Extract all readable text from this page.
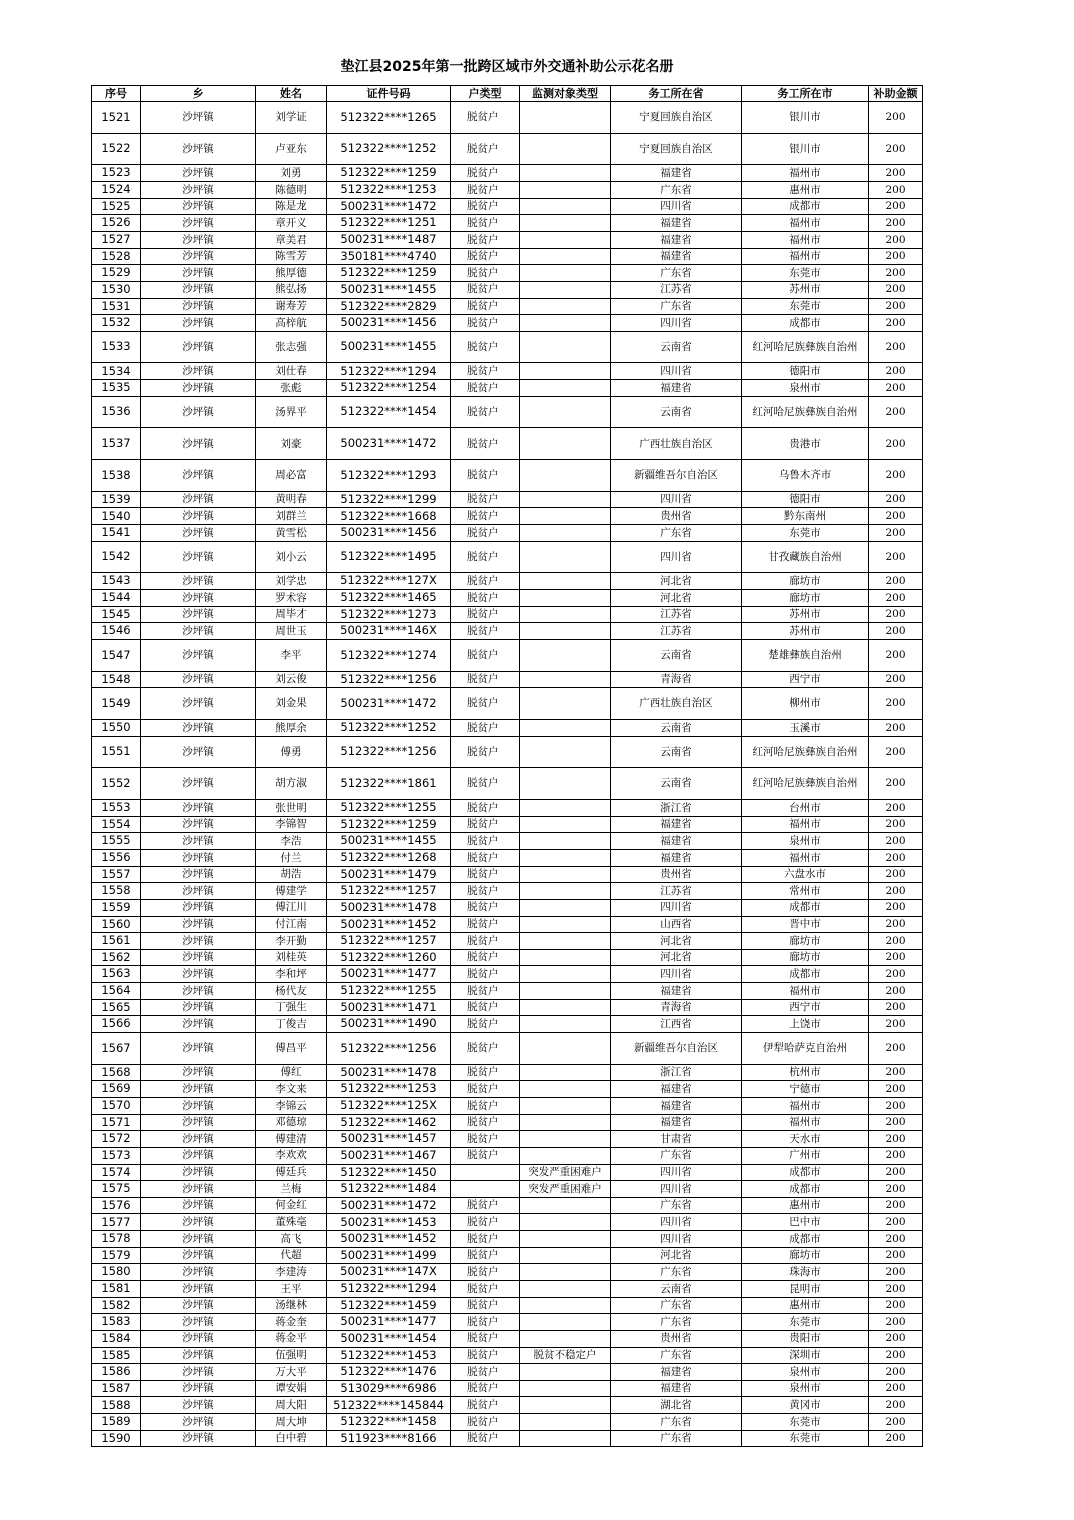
垫江县2025年第一批跨区域市外交通补助公示花名册
序号	乡	姓名	证件号码	户类型	监测对象类型	务工所在省	务工所在市	补助金额
1521	沙坪镇	刘学证	512322****1265	脱贫户		宁夏回族自治区	银川市	200
1522	沙坪镇	卢亚东	512322****1252	脱贫户		宁夏回族自治区	银川市	200
1523	沙坪镇	刘勇	512322****1259	脱贫户		福建省	福州市	200
1524	沙坪镇	陈德明	512322****1253	脱贫户		广东省	惠州市	200
1525	沙坪镇	陈是龙	500231****1472	脱贫户		四川省	成都市	200
1526	沙坪镇	章开义	512322****1251	脱贫户		福建省	福州市	200
1527	沙坪镇	章美君	500231****1487	脱贫户		福建省	福州市	200
1528	沙坪镇	陈雪芳	350181****4740	脱贫户		福建省	福州市	200
1529	沙坪镇	熊厚德	512322****1259	脱贫户		广东省	东莞市	200
1530	沙坪镇	熊弘扬	500231****1455	脱贫户		江苏省	苏州市	200
1531	沙坪镇	谢寿芳	512322****2829	脱贫户		广东省	东莞市	200
1532	沙坪镇	高梓航	500231****1456	脱贫户		四川省	成都市	200
1533	沙坪镇	张志强	500231****1455	脱贫户		云南省	红河哈尼族彝族自治州	200
1534	沙坪镇	刘仕春	512322****1294	脱贫户		四川省	德阳市	200
1535	沙坪镇	张彪	512322****1254	脱贫户		福建省	泉州市	200
1536	沙坪镇	汤界平	512322****1454	脱贫户		云南省	红河哈尼族彝族自治州	200
1537	沙坪镇	刘豪	500231****1472	脱贫户		广西壮族自治区	贵港市	200
1538	沙坪镇	周必富	512322****1293	脱贫户		新疆维吾尔自治区	乌鲁木齐市	200
1539	沙坪镇	黄明春	512322****1299	脱贫户		四川省	德阳市	200
1540	沙坪镇	刘群兰	512322****1668	脱贫户		贵州省	黔东南州	200
1541	沙坪镇	黄雪松	500231****1456	脱贫户		广东省	东莞市	200
1542	沙坪镇	刘小云	512322****1495	脱贫户		四川省	甘孜藏族自治州	200
1543	沙坪镇	刘学忠	512322****127X	脱贫户		河北省	廊坊市	200
1544	沙坪镇	罗术容	512322****1465	脱贫户		河北省	廊坊市	200
1545	沙坪镇	周毕才	512322****1273	脱贫户		江苏省	苏州市	200
1546	沙坪镇	周世玉	500231****146X	脱贫户		江苏省	苏州市	200
1547	沙坪镇	李平	512322****1274	脱贫户		云南省	楚雄彝族自治州	200
1548	沙坪镇	刘云俊	512322****1256	脱贫户		青海省	西宁市	200
1549	沙坪镇	刘金果	500231****1472	脱贫户		广西壮族自治区	柳州市	200
1550	沙坪镇	熊厚余	512322****1252	脱贫户		云南省	玉溪市	200
1551	沙坪镇	傅勇	512322****1256	脱贫户		云南省	红河哈尼族彝族自治州	200
1552	沙坪镇	胡方淑	512322****1861	脱贫户		云南省	红河哈尼族彝族自治州	200
1553	沙坪镇	张世明	512322****1255	脱贫户		浙江省	台州市	200
1554	沙坪镇	李锦智	512322****1259	脱贫户		福建省	福州市	200
1555	沙坪镇	李浩	500231****1455	脱贫户		福建省	泉州市	200
1556	沙坪镇	付兰	512322****1268	脱贫户		福建省	福州市	200
1557	沙坪镇	胡浩	500231****1479	脱贫户		贵州省	六盘水市	200
1558	沙坪镇	傅建学	512322****1257	脱贫户		江苏省	常州市	200
1559	沙坪镇	傅江川	500231****1478	脱贫户		四川省	成都市	200
1560	沙坪镇	付江南	500231****1452	脱贫户		山西省	晋中市	200
1561	沙坪镇	李开勤	512322****1257	脱贫户		河北省	廊坊市	200
1562	沙坪镇	刘桂英	512322****1260	脱贫户		河北省	廊坊市	200
1563	沙坪镇	李和坪	500231****1477	脱贫户		四川省	成都市	200
1564	沙坪镇	杨代友	512322****1255	脱贫户		福建省	福州市	200
1565	沙坪镇	丁强生	500231****1471	脱贫户		青海省	西宁市	200
1566	沙坪镇	丁俊吉	500231****1490	脱贫户		江西省	上饶市	200
1567	沙坪镇	傅昌平	512322****1256	脱贫户		新疆维吾尔自治区	伊犁哈萨克自治州	200
1568	沙坪镇	傅红	500231****1478	脱贫户		浙江省	杭州市	200
1569	沙坪镇	李文来	512322****1253	脱贫户		福建省	宁德市	200
1570	沙坪镇	李锦云	512322****125X	脱贫户		福建省	福州市	200
1571	沙坪镇	邓德琼	512322****1462	脱贫户		福建省	福州市	200
1572	沙坪镇	傅建清	500231****1457	脱贫户		甘肃省	天水市	200
1573	沙坪镇	李欢欢	500231****1467	脱贫户		广东省	广州市	200
1574	沙坪镇	傅廷兵	512322****1450		突发严重困难户	四川省	成都市	200
1575	沙坪镇	兰梅	512322****1484		突发严重困难户	四川省	成都市	200
1576	沙坪镇	何金红	500231****1472	脱贫户		广东省	惠州市	200
1577	沙坪镇	董殊亳	500231****1453	脱贫户		四川省	巴中市	200
1578	沙坪镇	高飞	500231****1452	脱贫户		四川省	成都市	200
1579	沙坪镇	代超	500231****1499	脱贫户		河北省	廊坊市	200
1580	沙坪镇	李建涛	500231****147X	脱贫户		广东省	珠海市	200
1581	沙坪镇	王平	512322****1294	脱贫户		云南省	昆明市	200
1582	沙坪镇	汤继林	512322****1459	脱贫户		广东省	惠州市	200
1583	沙坪镇	蒋金奎	500231****1477	脱贫户		广东省	东莞市	200
1584	沙坪镇	蒋金平	500231****1454	脱贫户		贵州省	贵阳市	200
1585	沙坪镇	伍强明	512322****1453	脱贫户	脱贫不稳定户	广东省	深圳市	200
1586	沙坪镇	万大平	512322****1476	脱贫户		福建省	泉州市	200
1587	沙坪镇	谭安娟	513029****6986	脱贫户		福建省	泉州市	200
1588	沙坪镇	周大阳	512322****145844	脱贫户		湖北省	黄冈市	200
1589	沙坪镇	周大坤	512322****1458	脱贫户		广东省	东莞市	200
1590	沙坪镇	白中碧	511923****8166	脱贫户		广东省	东莞市	200
